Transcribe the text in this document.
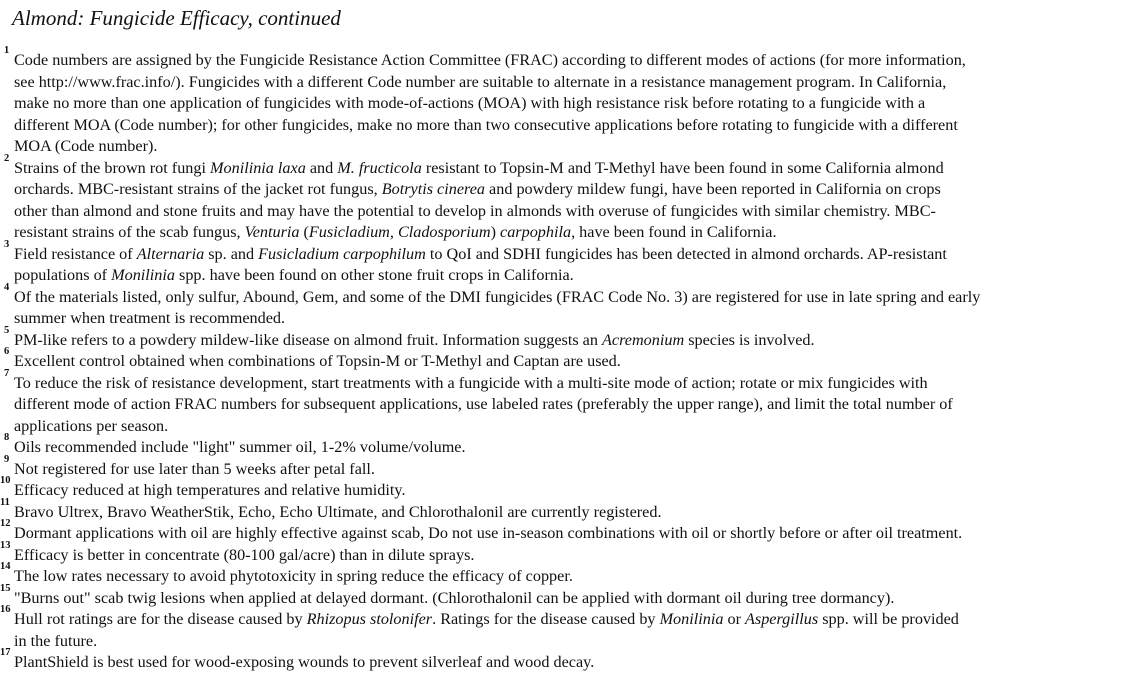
Almond: Fungicide Efficacy, continued
1
Code numbers are assigned by the Fungicide Resistance Action Committee (FRAC) according to different modes of actions (for more information,
see http://www.frac.info/). Fungicides with a different Code number are suitable to alternate in a resistance management program. In California,
make no more than one application of fungicides with mode-of-actions (MOA) with high resistance risk before rotating to a fungicide with a
different MOA (Code number); for other fungicides, make no more than two consecutive applications before rotating to fungicide with a different
MOA (Code number).
2
Strains of the brown rot fungi Monilinia laxa and M. fructicola resistant to Topsin-M and T-Methyl have been found in some California almond
orchards. MBC-resistant strains of the jacket rot fungus, Botrytis cinerea and powdery mildew fungi, have been reported in California on crops
other than almond and stone fruits and may have the potential to develop in almonds with overuse of fungicides with similar chemistry. MBC-
resistant strains of the scab fungus, Venturia (Fusicladium, Cladosporium) carpophila, have been found in California.
3
Field resistance of Alternaria sp. and Fusicladium carpophilum to QoI and SDHI fungicides has been detected in almond orchards. AP-resistant
populations of Monilinia spp. have been found on other stone fruit crops in California.
4
Of the materials listed, only sulfur, Abound, Gem, and some of the DMI fungicides (FRAC Code No. 3) are registered for use in late spring and early
summer when treatment is recommended.
5
PM-like refers to a powdery mildew-like disease on almond fruit. Information suggests an Acremonium species is involved.
6
Excellent control obtained when combinations of Topsin-M or T-Methyl and Captan are used.
7
To reduce the risk of resistance development, start treatments with a fungicide with a multi-site mode of action; rotate or mix fungicides with
different mode of action FRAC numbers for subsequent applications, use labeled rates (preferably the upper range), and limit the total number of
applications per season.
8
Oils recommended include "light" summer oil, 1-2% volume/volume.
9
Not registered for use later than 5 weeks after petal fall.
10
Efficacy reduced at high temperatures and relative humidity.
11
Bravo Ultrex, Bravo WeatherStik, Echo, Echo Ultimate, and Chlorothalonil are currently registered.
12
Dormant applications with oil are highly effective against scab, Do not use in-season combinations with oil or shortly before or after oil treatment.
13
Efficacy is better in concentrate (80-100 gal/acre) than in dilute sprays.
14
The low rates necessary to avoid phytotoxicity in spring reduce the efficacy of copper.
15
"Burns out" scab twig lesions when applied at delayed dormant. (Chlorothalonil can be applied with dormant oil during tree dormancy).
16
Hull rot ratings are for the disease caused by Rhizopus stolonifer. Ratings for the disease caused by Monilinia or Aspergillus spp. will be provided
in the future.
17
PlantShield is best used for wood-exposing wounds to prevent silverleaf and wood decay.
